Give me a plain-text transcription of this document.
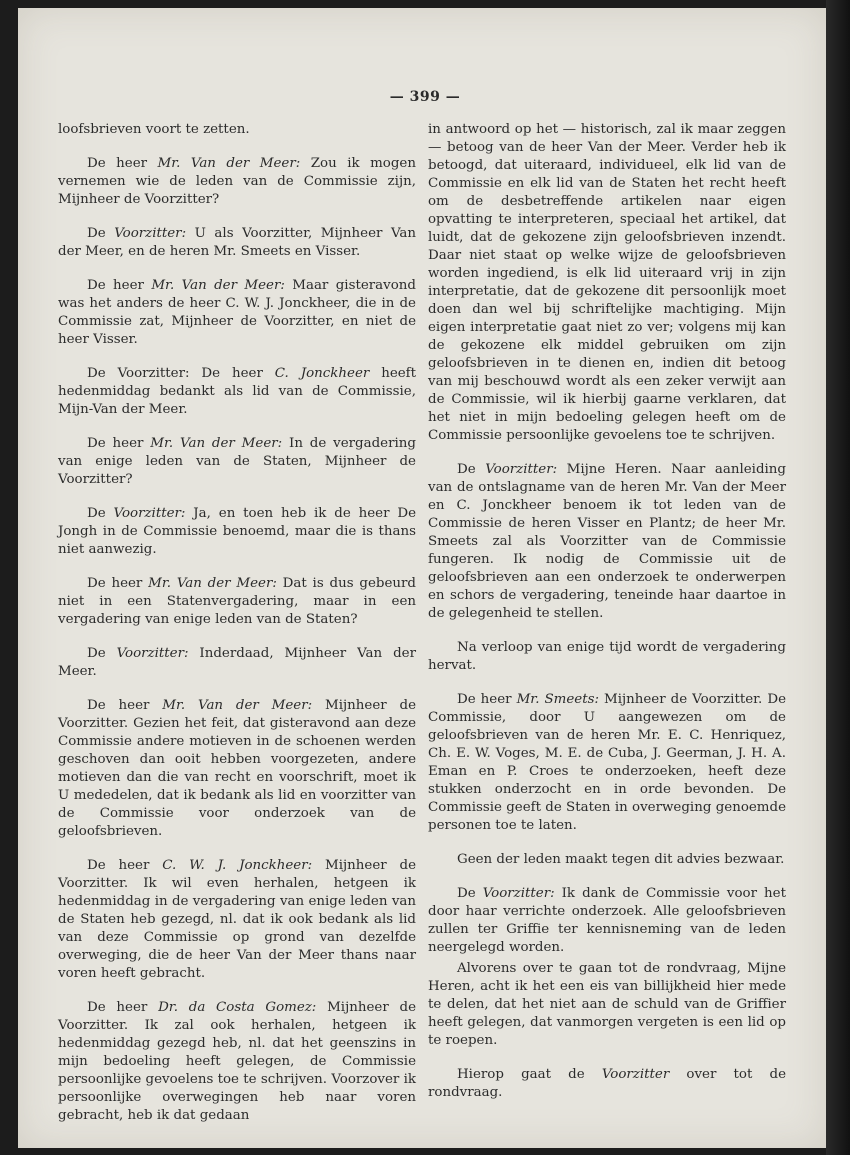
— 399 —

loofsbrieven voort te zetten.

De heer Mr. Van der Meer: Zou ik mogen vernemen wie de leden van de Commissie zijn, Mijnheer de Voorzitter?

De Voorzitter: U als Voorzitter, Mijnheer Van der Meer, en de heren Mr. Smeets en Visser.

De heer Mr. Van der Meer: Maar gisteravond was het anders de heer C. W. J. Jonckheer, die in de Commissie zat, Mijnheer de Voorzitter, en niet de heer Visser.

De Voorzitter: De heer C. Jonckheer heeft hedenmiddag bedankt als lid van de Commissie, Mijn-Van der Meer.

De heer Mr. Van der Meer: In de vergadering van enige leden van de Staten, Mijnheer de Voorzitter?

De Voorzitter: Ja, en toen heb ik de heer De Jongh in de Commissie benoemd, maar die is thans niet aanwezig.

De heer Mr. Van der Meer: Dat is dus gebeurd niet in een Statenvergadering, maar in een vergadering van enige leden van de Staten?

De Voorzitter: Inderdaad, Mijnheer Van der Meer.

De heer Mr. Van der Meer: Mijnheer de Voorzitter. Gezien het feit, dat gisteravond aan deze Commissie andere motieven in de schoenen werden geschoven dan ooit hebben voorgezeten, andere motieven dan die van recht en voorschrift, moet ik U mededelen, dat ik bedank als lid en voorzitter van de Commissie voor onderzoek van de geloofsbrieven.

De heer C. W. J. Jonckheer: Mijnheer de Voorzitter. Ik wil even herhalen, hetgeen ik hedenmiddag in de vergadering van enige leden van de Staten heb gezegd, nl. dat ik ook bedank als lid van deze Commissie op grond van dezelfde overweging, die de heer Van der Meer thans naar voren heeft gebracht.

De heer Dr. da Costa Gomez: Mijnheer de Voorzitter. Ik zal ook herhalen, hetgeen ik hedenmiddag gezegd heb, nl. dat het geenszins in mijn bedoeling heeft gelegen, de Commissie persoonlijke gevoelens toe te schrijven. Voorzover ik persoonlijke overwegingen heb naar voren gebracht, heb ik dat gedaan

in antwoord op het — historisch, zal ik maar zeggen — betoog van de heer Van der Meer. Verder heb ik betoogd, dat uiteraard, individueel, elk lid van de Commissie en elk lid van de Staten het recht heeft om de desbetreffende artikelen naar eigen opvatting te interpreteren, speciaal het artikel, dat luidt, dat de gekozene zijn geloofsbrieven inzendt. Daar niet staat op welke wijze de geloofsbrieven worden ingediend, is elk lid uiteraard vrij in zijn interpretatie, dat de gekozene dit persoonlijk moet doen dan wel bij schriftelijke machtiging. Mijn eigen interpretatie gaat niet zo ver; volgens mij kan de gekozene elk middel gebruiken om zijn geloofsbrieven in te dienen en, indien dit betoog van mij beschouwd wordt als een zeker verwijt aan de Commissie, wil ik hierbij gaarne verklaren, dat het niet in mijn bedoeling gelegen heeft om de Commissie persoonlijke gevoelens toe te schrijven.

De Voorzitter: Mijne Heren. Naar aanleiding van de ontslagname van de heren Mr. Van der Meer en C. Jonckheer benoem ik tot leden van de Commissie de heren Visser en Plantz; de heer Mr. Smeets zal als Voorzitter van de Commissie fungeren. Ik nodig de Commissie uit de geloofsbrieven aan een onderzoek te onderwerpen en schors de vergadering, teneinde haar daartoe in de gelegenheid te stellen.

Na verloop van enige tijd wordt de vergadering hervat.

De heer Mr. Smeets: Mijnheer de Voorzitter. De Commissie, door U aangewezen om de geloofsbrieven van de heren Mr. E. C. Henriquez, Ch. E. W. Voges, M. E. de Cuba, J. Geerman, J. H. A. Eman en P. Croes te onderzoeken, heeft deze stukken onderzocht en in orde bevonden. De Commissie geeft de Staten in overweging genoemde personen toe te laten.

Geen der leden maakt tegen dit advies bezwaar.

De Voorzitter: Ik dank de Commissie voor het door haar verrichte onderzoek. Alle geloofsbrieven zullen ter Griffie ter kennisneming van de leden neergelegd worden.

Alvorens over te gaan tot de rondvraag, Mijne Heren, acht ik het een eis van billijkheid hier mede te delen, dat het niet aan de schuld van de Griffier heeft gelegen, dat vanmorgen vergeten is een lid op te roepen.

Hierop gaat de Voorzitter over tot de rondvraag.
